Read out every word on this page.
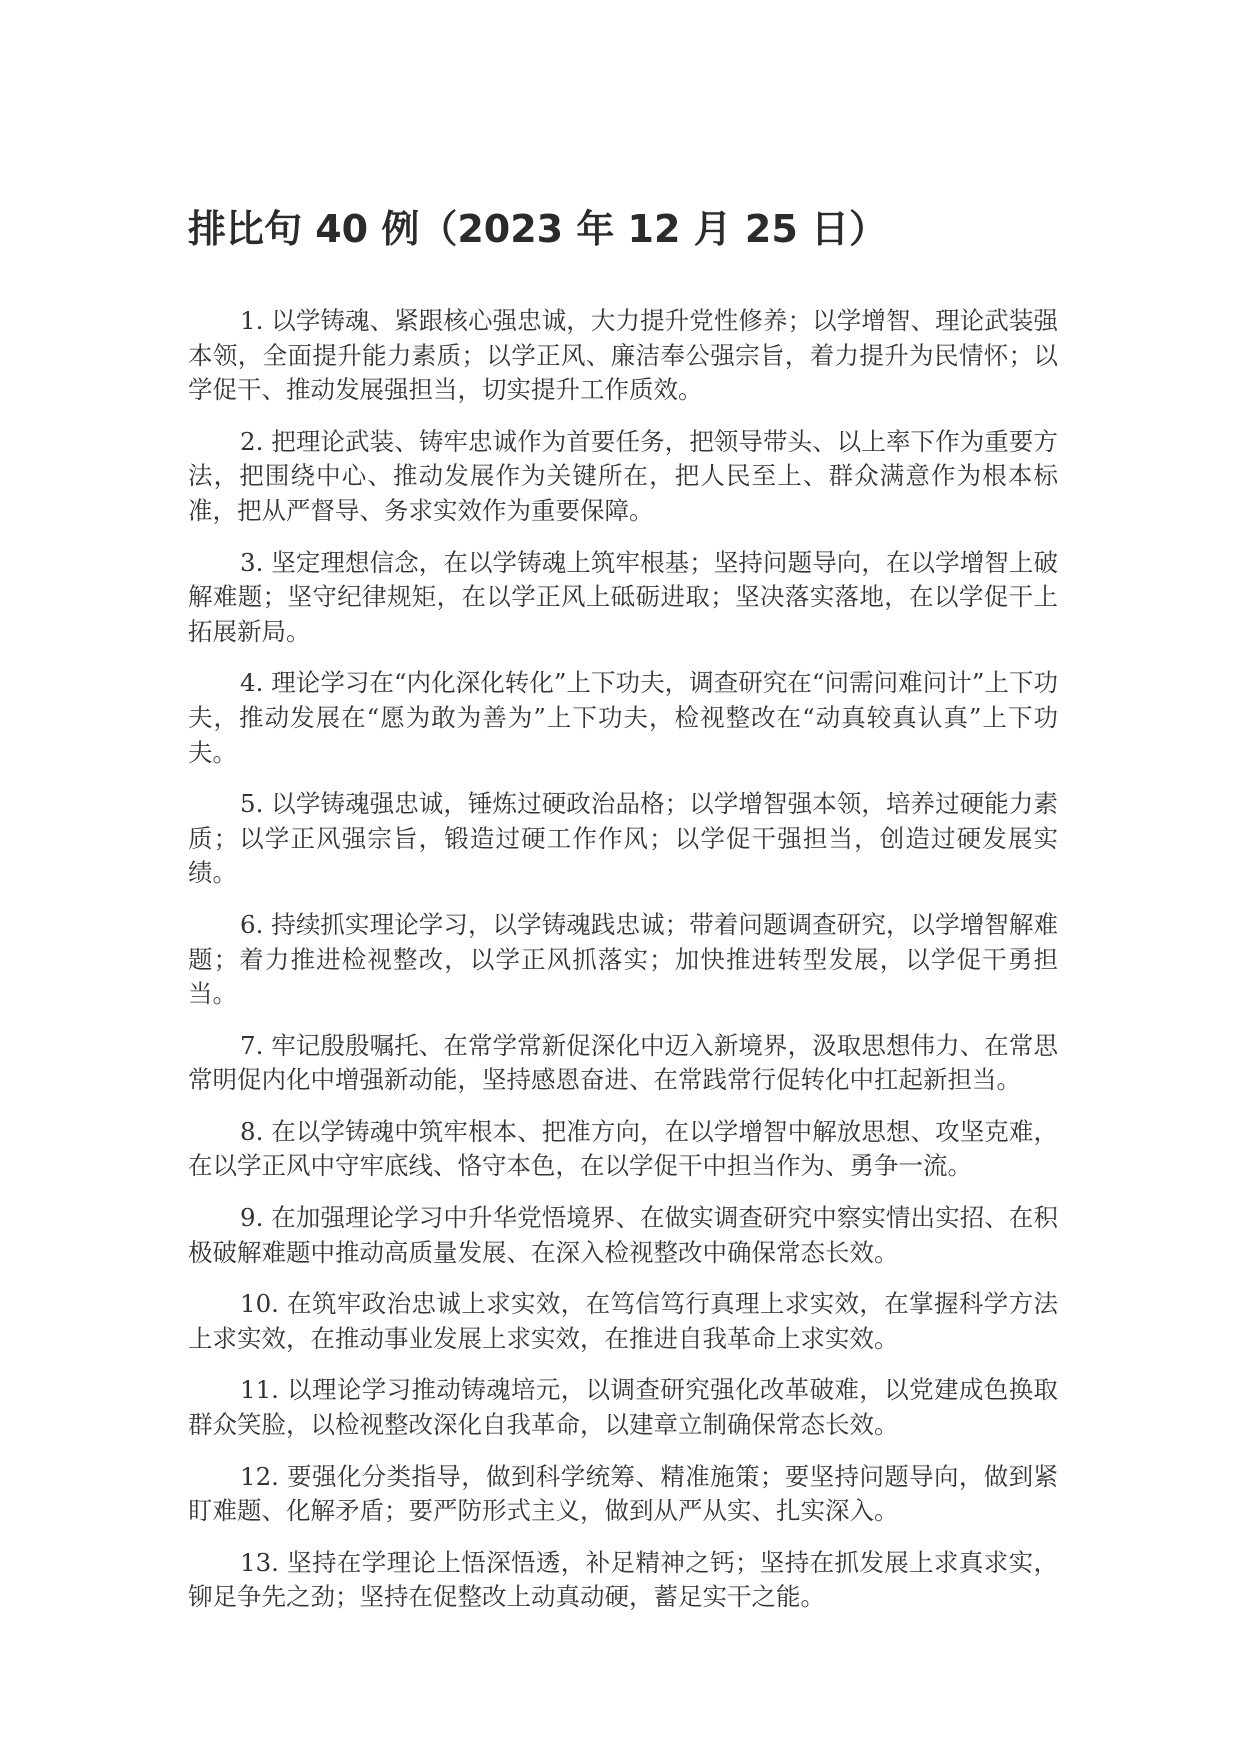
排比句 40 例（2023 年 12 月 25 日）

1. 以学铸魂、紧跟核心强忠诚，大力提升党性修养；以学增智、理论武装强本领，全面提升能力素质；以学正风、廉洁奉公强宗旨，着力提升为民情怀；以学促干、推动发展强担当，切实提升工作质效。

2. 把理论武装、铸牢忠诚作为首要任务，把领导带头、以上率下作为重要方法，把围绕中心、推动发展作为关键所在，把人民至上、群众满意作为根本标准，把从严督导、务求实效作为重要保障。

3. 坚定理想信念，在以学铸魂上筑牢根基；坚持问题导向，在以学增智上破解难题；坚守纪律规矩，在以学正风上砥砺进取；坚决落实落地，在以学促干上拓展新局。

4. 理论学习在“内化深化转化”上下功夫，调查研究在“问需问难问计”上下功夫，推动发展在“愿为敢为善为”上下功夫，检视整改在“动真较真认真”上下功夫。

5. 以学铸魂强忠诚，锤炼过硬政治品格；以学增智强本领，培养过硬能力素质；以学正风强宗旨，锻造过硬工作作风；以学促干强担当，创造过硬发展实绩。

6. 持续抓实理论学习，以学铸魂践忠诚；带着问题调查研究，以学增智解难题；着力推进检视整改，以学正风抓落实；加快推进转型发展，以学促干勇担当。

7. 牢记殷殷嘱托、在常学常新促深化中迈入新境界，汲取思想伟力、在常思常明促内化中增强新动能，坚持感恩奋进、在常践常行促转化中扛起新担当。

8. 在以学铸魂中筑牢根本、把准方向，在以学增智中解放思想、攻坚克难，在以学正风中守牢底线、恪守本色，在以学促干中担当作为、勇争一流。

9. 在加强理论学习中升华党悟境界、在做实调查研究中察实情出实招、在积极破解难题中推动高质量发展、在深入检视整改中确保常态长效。

10. 在筑牢政治忠诚上求实效，在笃信笃行真理上求实效，在掌握科学方法上求实效，在推动事业发展上求实效，在推进自我革命上求实效。

11. 以理论学习推动铸魂培元，以调查研究强化改革破难，以党建成色换取群众笑脸，以检视整改深化自我革命，以建章立制确保常态长效。

12. 要强化分类指导，做到科学统筹、精准施策；要坚持问题导向，做到紧盯难题、化解矛盾；要严防形式主义，做到从严从实、扎实深入。

13. 坚持在学理论上悟深悟透，补足精神之钙；坚持在抓发展上求真求实，铆足争先之劲；坚持在促整改上动真动硬，蓄足实干之能。
